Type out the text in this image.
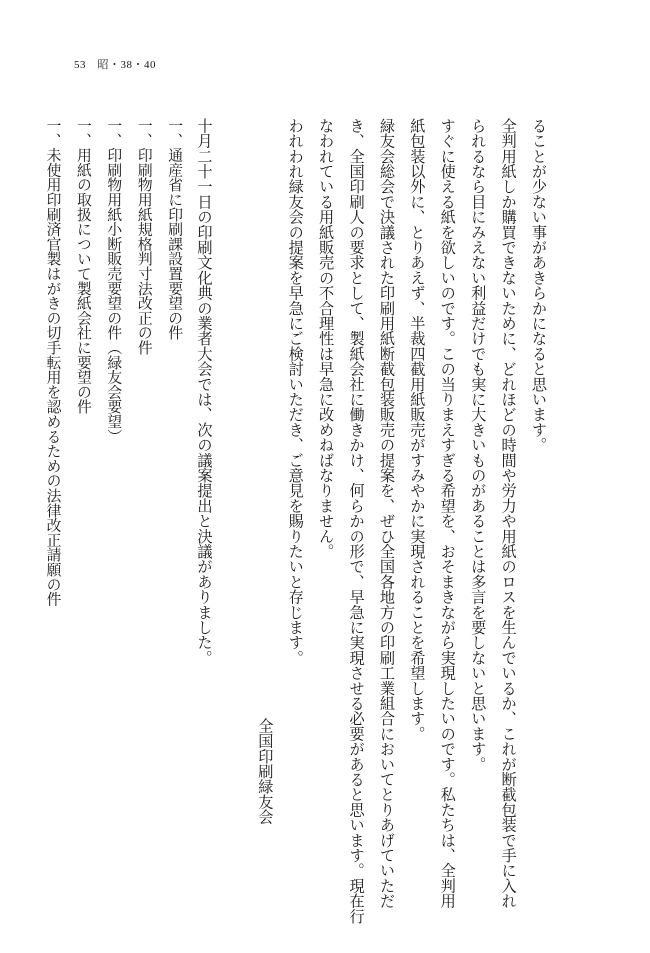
53　昭・38・40

ることが少ない事があきらかになると思います。

全判用紙しか購買できないために、どれほどの時間や労力や用紙のロスを生んでいるか、これが断截包装で手に入れ

られるなら目にみえない利益だけでも実に大きいものがあることは多言を要しないと思います。

すぐに使える紙を欲しいのです。この当りまえすぎる希望を、おそまきながら実現したいのです。私たちは、全判用

紙包装以外に、とりあえず、半裁四截用紙販売がすみやかに実現されることを希望します。

緑友会総会で決議された印刷用紙断截包装販売の提案を、ぜひ全国各地方の印刷工業組合においてとりあげていただ

き、全国印刷人の要求として、製紙会社に働きかけ、何らかの形で、早急に実現させる必要があると思います。現在行

なわれている用紙販売の不合理性は早急に改めねばなりません。

われわれ緑友会の提案を早急にご検討いただき、ご意見を賜りたいと存じます。

全国印刷緑友会

十月二十一日の印刷文化典の業者大会では、次の議案提出と決議がありました。

一、通産省に印刷課設置要望の件

一、印刷物用紙規格判寸法改正の件

一、印刷物用紙小断販売要望の件（緑友会要望）

一、用紙の取扱について製紙会社に要望の件

一、未使用印刷済官製はがきの切手転用を認めるための法律改正請願の件
